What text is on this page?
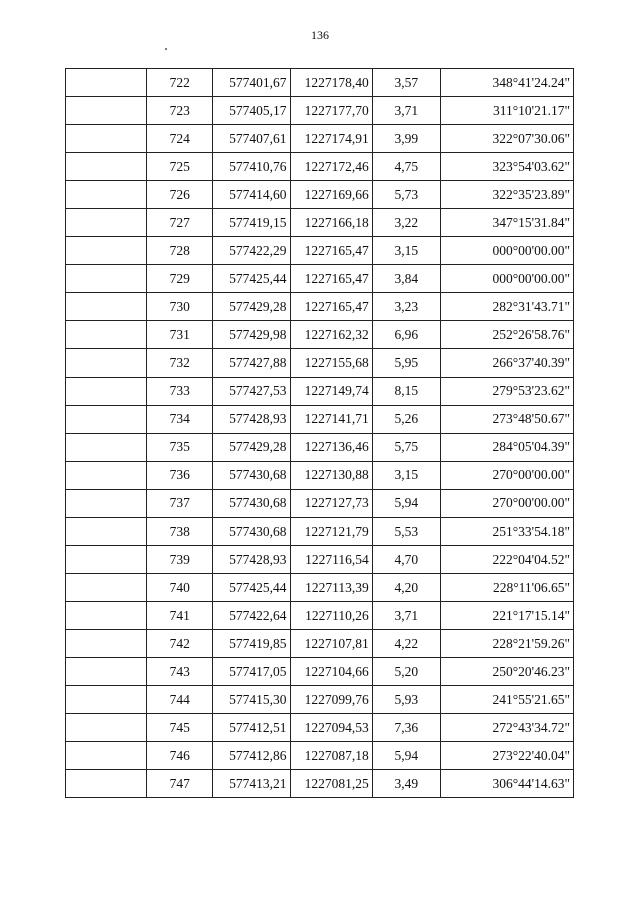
136
	722	577401,67	1227178,40	3,57	348°41'24.24"
	723	577405,17	1227177,70	3,71	311°10'21.17"
	724	577407,61	1227174,91	3,99	322°07'30.06"
	725	577410,76	1227172,46	4,75	323°54'03.62"
	726	577414,60	1227169,66	5,73	322°35'23.89"
	727	577419,15	1227166,18	3,22	347°15'31.84"
	728	577422,29	1227165,47	3,15	000°00'00.00"
	729	577425,44	1227165,47	3,84	000°00'00.00"
	730	577429,28	1227165,47	3,23	282°31'43.71"
	731	577429,98	1227162,32	6,96	252°26'58.76"
	732	577427,88	1227155,68	5,95	266°37'40.39"
	733	577427,53	1227149,74	8,15	279°53'23.62"
	734	577428,93	1227141,71	5,26	273°48'50.67"
	735	577429,28	1227136,46	5,75	284°05'04.39"
	736	577430,68	1227130,88	3,15	270°00'00.00"
	737	577430,68	1227127,73	5,94	270°00'00.00"
	738	577430,68	1227121,79	5,53	251°33'54.18"
	739	577428,93	1227116,54	4,70	222°04'04.52"
	740	577425,44	1227113,39	4,20	228°11'06.65"
	741	577422,64	1227110,26	3,71	221°17'15.14"
	742	577419,85	1227107,81	4,22	228°21'59.26"
	743	577417,05	1227104,66	5,20	250°20'46.23"
	744	577415,30	1227099,76	5,93	241°55'21.65"
	745	577412,51	1227094,53	7,36	272°43'34.72"
	746	577412,86	1227087,18	5,94	273°22'40.04"
	747	577413,21	1227081,25	3,49	306°44'14.63"
